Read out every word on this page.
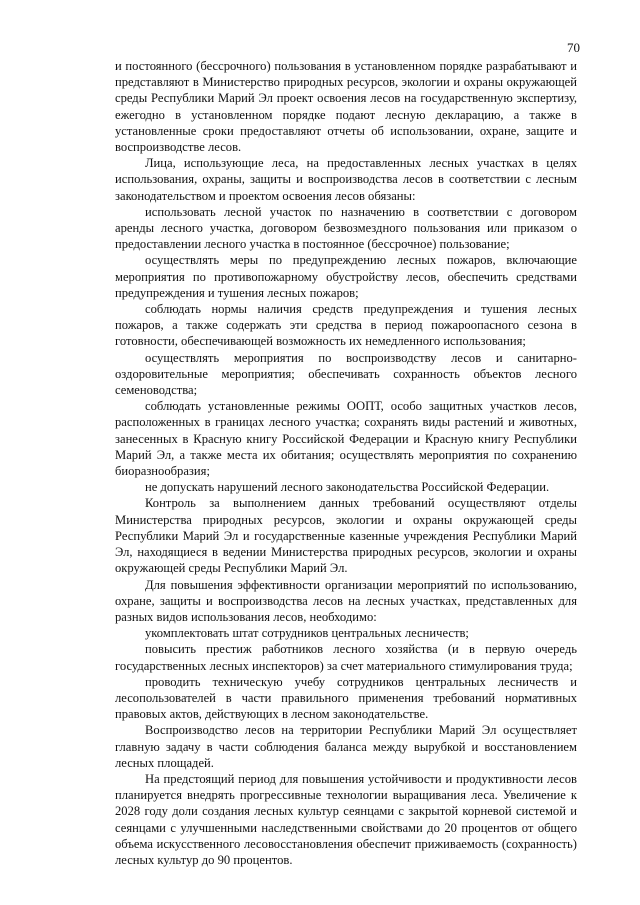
70

и постоянного (бессрочного) пользования в установленном порядке разрабатывают и представляют в Министерство природных ресурсов, экологии и охраны окружающей среды Республики Марий Эл проект освоения лесов на государственную экспертизу, ежегодно в установленном порядке подают лесную декларацию, а также в установленные сроки предоставляют отчеты об использовании, охране, защите и воспроизводстве лесов.

Лица, использующие леса, на предоставленных лесных участках в целях использования, охраны, защиты и воспроизводства лесов в соответствии с лесным законодательством и проектом освоения лесов обязаны:

использовать лесной участок по назначению в соответствии с договором аренды лесного участка, договором безвозмездного пользования или приказом о предоставлении лесного участка в постоянное (бессрочное) пользование;

осуществлять меры по предупреждению лесных пожаров, включающие мероприятия по противопожарному обустройству лесов, обеспечить средствами предупреждения и тушения лесных пожаров;

соблюдать нормы наличия средств предупреждения и тушения лесных пожаров, а также содержать эти средства в период пожароопасного сезона в готовности, обеспечивающей возможность их немедленного использования;

осуществлять мероприятия по воспроизводству лесов и санитарно-оздоровительные мероприятия; обеспечивать сохранность объектов лесного семеноводства;

соблюдать установленные режимы ООПТ, особо защитных участков лесов, расположенных в границах лесного участка; сохранять виды растений и животных, занесенных в Красную книгу Российской Федерации и Красную книгу Республики Марий Эл, а также места их обитания; осуществлять мероприятия по сохранению биоразнообразия;

не допускать нарушений лесного законодательства Российской Федерации.

Контроль за выполнением данных требований осуществляют отделы Министерства природных ресурсов, экологии и охраны окружающей среды Республики Марий Эл и государственные казенные учреждения Республики Марий Эл, находящиеся в ведении Министерства природных ресурсов, экологии и охраны окружающей среды Республики Марий Эл.

Для повышения эффективности организации мероприятий по использованию, охране, защиты и воспроизводства лесов на лесных участках, представленных для разных видов использования лесов, необходимо:

укомплектовать штат сотрудников центральных лесничеств;

повысить престиж работников лесного хозяйства (и в первую очередь государственных лесных инспекторов) за счет материального стимулирования труда;

проводить техническую учебу сотрудников центральных лесничеств и лесопользователей в части правильного применения требований нормативных правовых актов, действующих в лесном законодательстве.

Воспроизводство лесов на территории Республики Марий Эл осуществляет главную задачу в части соблюдения баланса между вырубкой и восстановлением лесных площадей.

На предстоящий период для повышения устойчивости и продуктивности лесов планируется внедрять прогрессивные технологии выращивания леса. Увеличение к 2028 году доли создания лесных культур сеянцами с закрытой корневой системой и сеянцами с улучшенными наследственными свойствами до 20 процентов от общего объема искусственного лесовосстановления обеспечит приживаемость (сохранность) лесных культур до 90 процентов.
